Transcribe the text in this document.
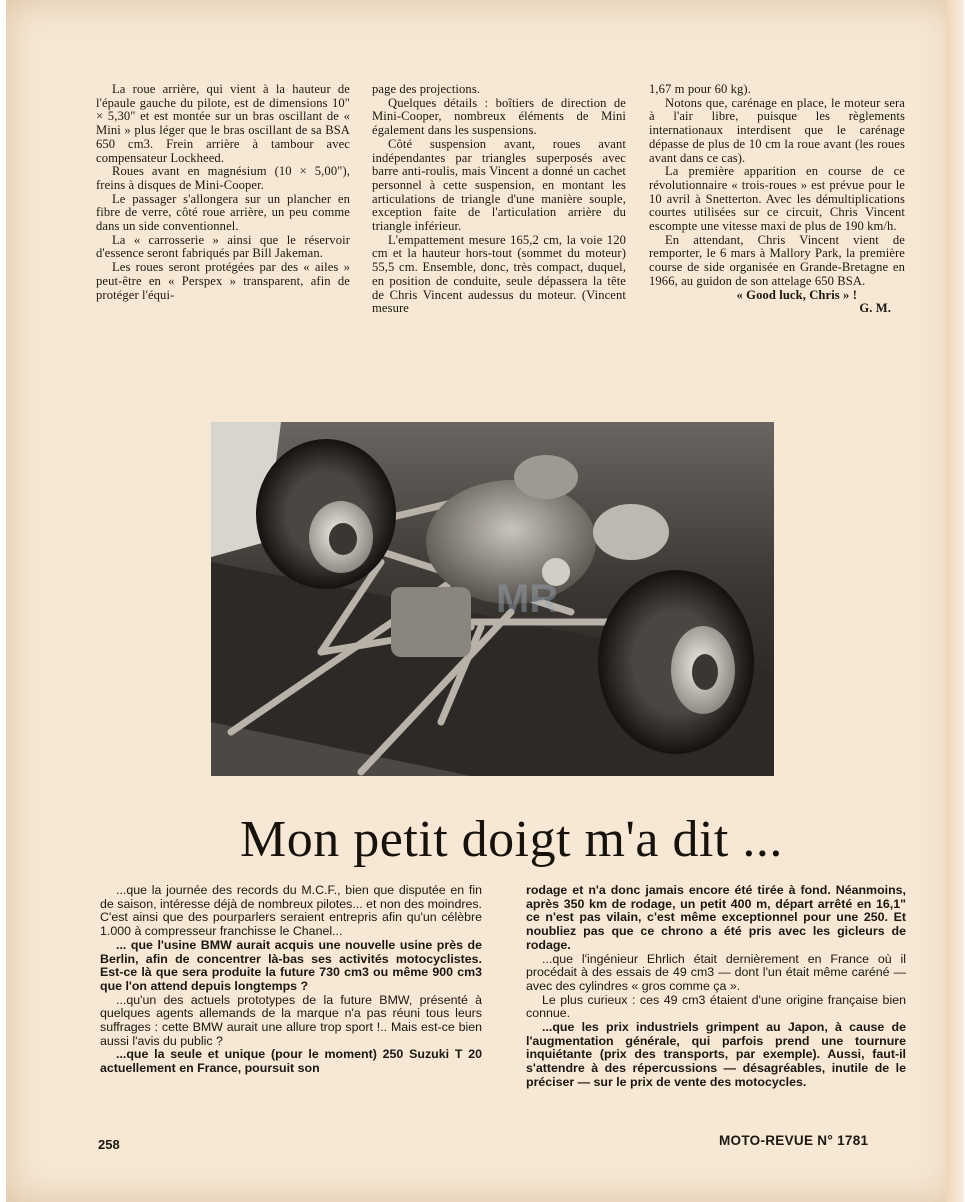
La roue arrière, qui vient à la hauteur de l'épaule gauche du pilote, est de dimensions 10" × 5,30" et est montée sur un bras oscillant de « Mini » plus léger que le bras oscillant de sa BSA 650 cm3. Frein arrière à tambour avec compensateur Lockheed.

Roues avant en magnésium (10 × 5,00"), freins à disques de Mini-Cooper.

Le passager s'allongera sur un plancher en fibre de verre, côté roue arrière, un peu comme dans un side conventionnel.

La « carrosserie » ainsi que le réservoir d'essence seront fabriqués par Bill Jakeman.

Les roues seront protégées par des « ailes » peut-être en « Perspex » transparent, afin de protéger l'équi-

page des projections.

Quelques détails : boîtiers de direction de Mini-Cooper, nombreux éléments de Mini également dans les suspensions.

Côté suspension avant, roues avant indépendantes par triangles superposés avec barre anti-roulis, mais Vincent a donné un cachet personnel à cette suspension, en montant les articulations de triangle d'une manière souple, exception faite de l'articulation arrière du triangle inférieur.

L'empattement mesure 165,2 cm, la voie 120 cm et la hauteur hors-tout (sommet du moteur) 55,5 cm. Ensemble, donc, très compact, duquel, en position de conduite, seule dépassera la tête de Chris Vincent audessus du moteur. (Vincent mesure

1,67 m pour 60 kg).

Notons que, carénage en place, le moteur sera à l'air libre, puisque les règlements internationaux interdisent que le carénage dépasse de plus de 10 cm la roue avant (les roues avant dans ce cas).

La première apparition en course de ce révolutionnaire « trois-roues » est prévue pour le 10 avril à Snetterton. Avec les démultiplications courtes utilisées sur ce circuit, Chris Vincent escompte une vitesse maxi de plus de 190 km/h.

En attendant, Chris Vincent vient de remporter, le 6 mars à Mallory Park, la première course de side organisée en Grande-Bretagne en 1966, au guidon de son attelage 650 BSA.

« Good luck, Chris » !

G. M.

MR
Mon petit doigt m'a dit ...

...que la journée des records du M.C.F., bien que disputée en fin de saison, intéresse déjà de nombreux pilotes... et non des moindres. C'est ainsi que des pourparlers seraient entrepris afin qu'un célèbre 1.000 à compresseur franchisse le Chanel...

... que l'usine BMW aurait acquis une nouvelle usine près de Berlin, afin de concentrer là-bas ses activités motocyclistes. Est-ce là que sera produite la future 730 cm3 ou même 900 cm3 que l'on attend depuis longtemps ?

...qu'un des actuels prototypes de la future BMW, présenté à quelques agents allemands de la marque n'a pas réuni tous leurs suffrages : cette BMW aurait une allure trop sport !.. Mais est-ce bien aussi l'avis du public ?

...que la seule et unique (pour le moment) 250 Suzuki T 20 actuellement en France, poursuit son

rodage et n'a donc jamais encore été tirée à fond. Néanmoins, après 350 km de rodage, un petit 400 m, départ arrêté en 16,1" ce n'est pas vilain, c'est même exceptionnel pour une 250. Et noubliez pas que ce chrono a été pris avec les gicleurs de rodage.

...que l'ingénieur Ehrlich était dernièrement en France où il procédait à des essais de 49 cm3 — dont l'un était même caréné — avec des cylindres « gros comme ça ».

Le plus curieux : ces 49 cm3 étaient d'une origine française bien connue.

...que les prix industriels grimpent au Japon, à cause de l'augmentation générale, qui parfois prend une tournure inquiétante (prix des transports, par exemple). Aussi, faut-il s'attendre à des répercussions — désagréables, inutile de le préciser — sur le prix de vente des motocycles.

258	MOTO-REVUE N° 1781
